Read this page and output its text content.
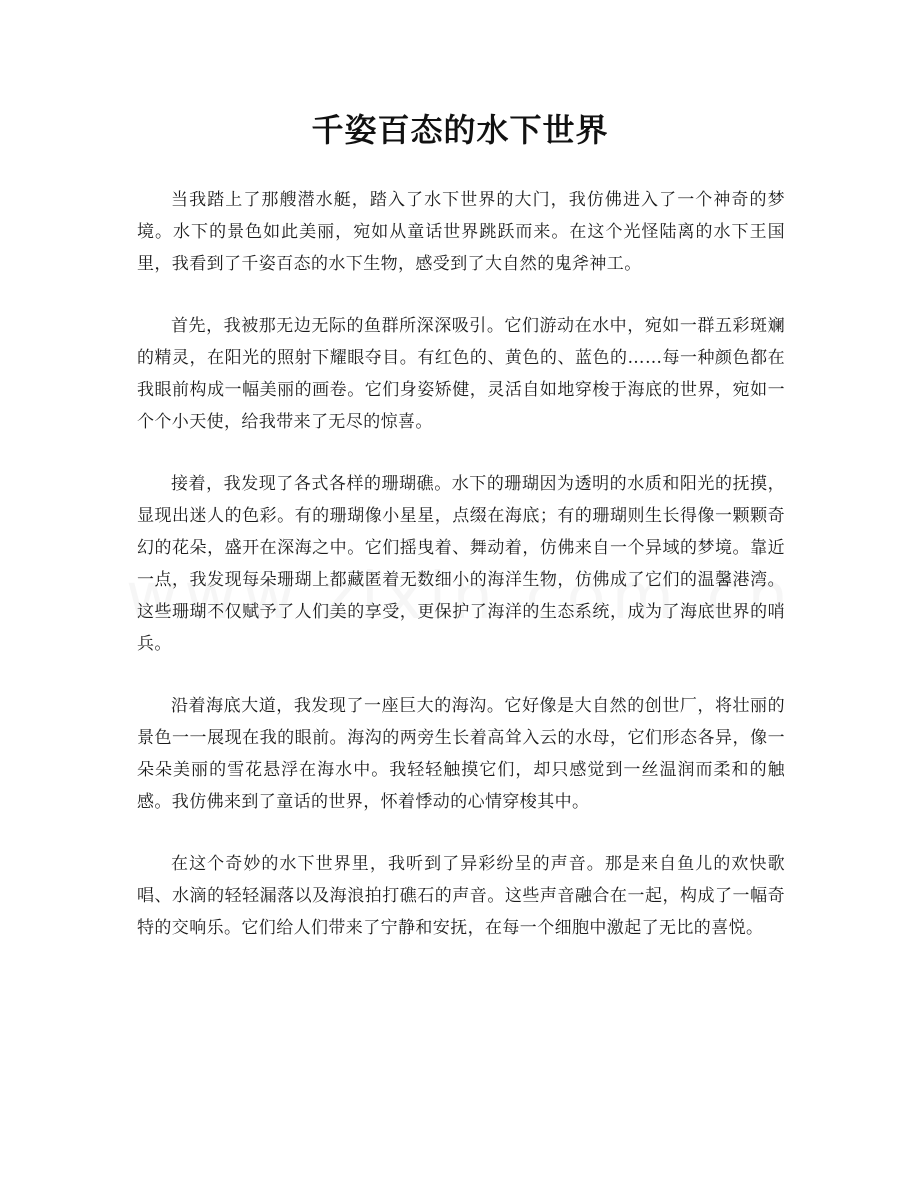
千姿百态的水下世界

当我踏上了那艘潜水艇，踏入了水下世界的大门，我仿佛进入了一个神奇的梦境。水下的景色如此美丽，宛如从童话世界跳跃而来。在这个光怪陆离的水下王国里，我看到了千姿百态的水下生物，感受到了大自然的鬼斧神工。

首先，我被那无边无际的鱼群所深深吸引。它们游动在水中，宛如一群五彩斑斓的精灵，在阳光的照射下耀眼夺目。有红色的、黄色的、蓝色的……每一种颜色都在我眼前构成一幅美丽的画卷。它们身姿矫健，灵活自如地穿梭于海底的世界，宛如一个个小天使，给我带来了无尽的惊喜。

接着，我发现了各式各样的珊瑚礁。水下的珊瑚因为透明的水质和阳光的抚摸，显现出迷人的色彩。有的珊瑚像小星星，点缀在海底；有的珊瑚则生长得像一颗颗奇幻的花朵，盛开在深海之中。它们摇曳着、舞动着，仿佛来自一个异域的梦境。靠近一点，我发现每朵珊瑚上都藏匿着无数细小的海洋生物，仿佛成了它们的温馨港湾。这些珊瑚不仅赋予了人们美的享受，更保护了海洋的生态系统，成为了海底世界的哨兵。

沿着海底大道，我发现了一座巨大的海沟。它好像是大自然的创世厂，将壮丽的景色一一展现在我的眼前。海沟的两旁生长着高耸入云的水母，它们形态各异，像一朵朵美丽的雪花悬浮在海水中。我轻轻触摸它们，却只感觉到一丝温润而柔和的触感。我仿佛来到了童话的世界，怀着悸动的心情穿梭其中。

在这个奇妙的水下世界里，我听到了异彩纷呈的声音。那是来自鱼儿的欢快歌唱、水滴的轻轻漏落以及海浪拍打礁石的声音。这些声音融合在一起，构成了一幅奇特的交响乐。它们给人们带来了宁静和安抚，在每一个细胞中激起了无比的喜悦。
